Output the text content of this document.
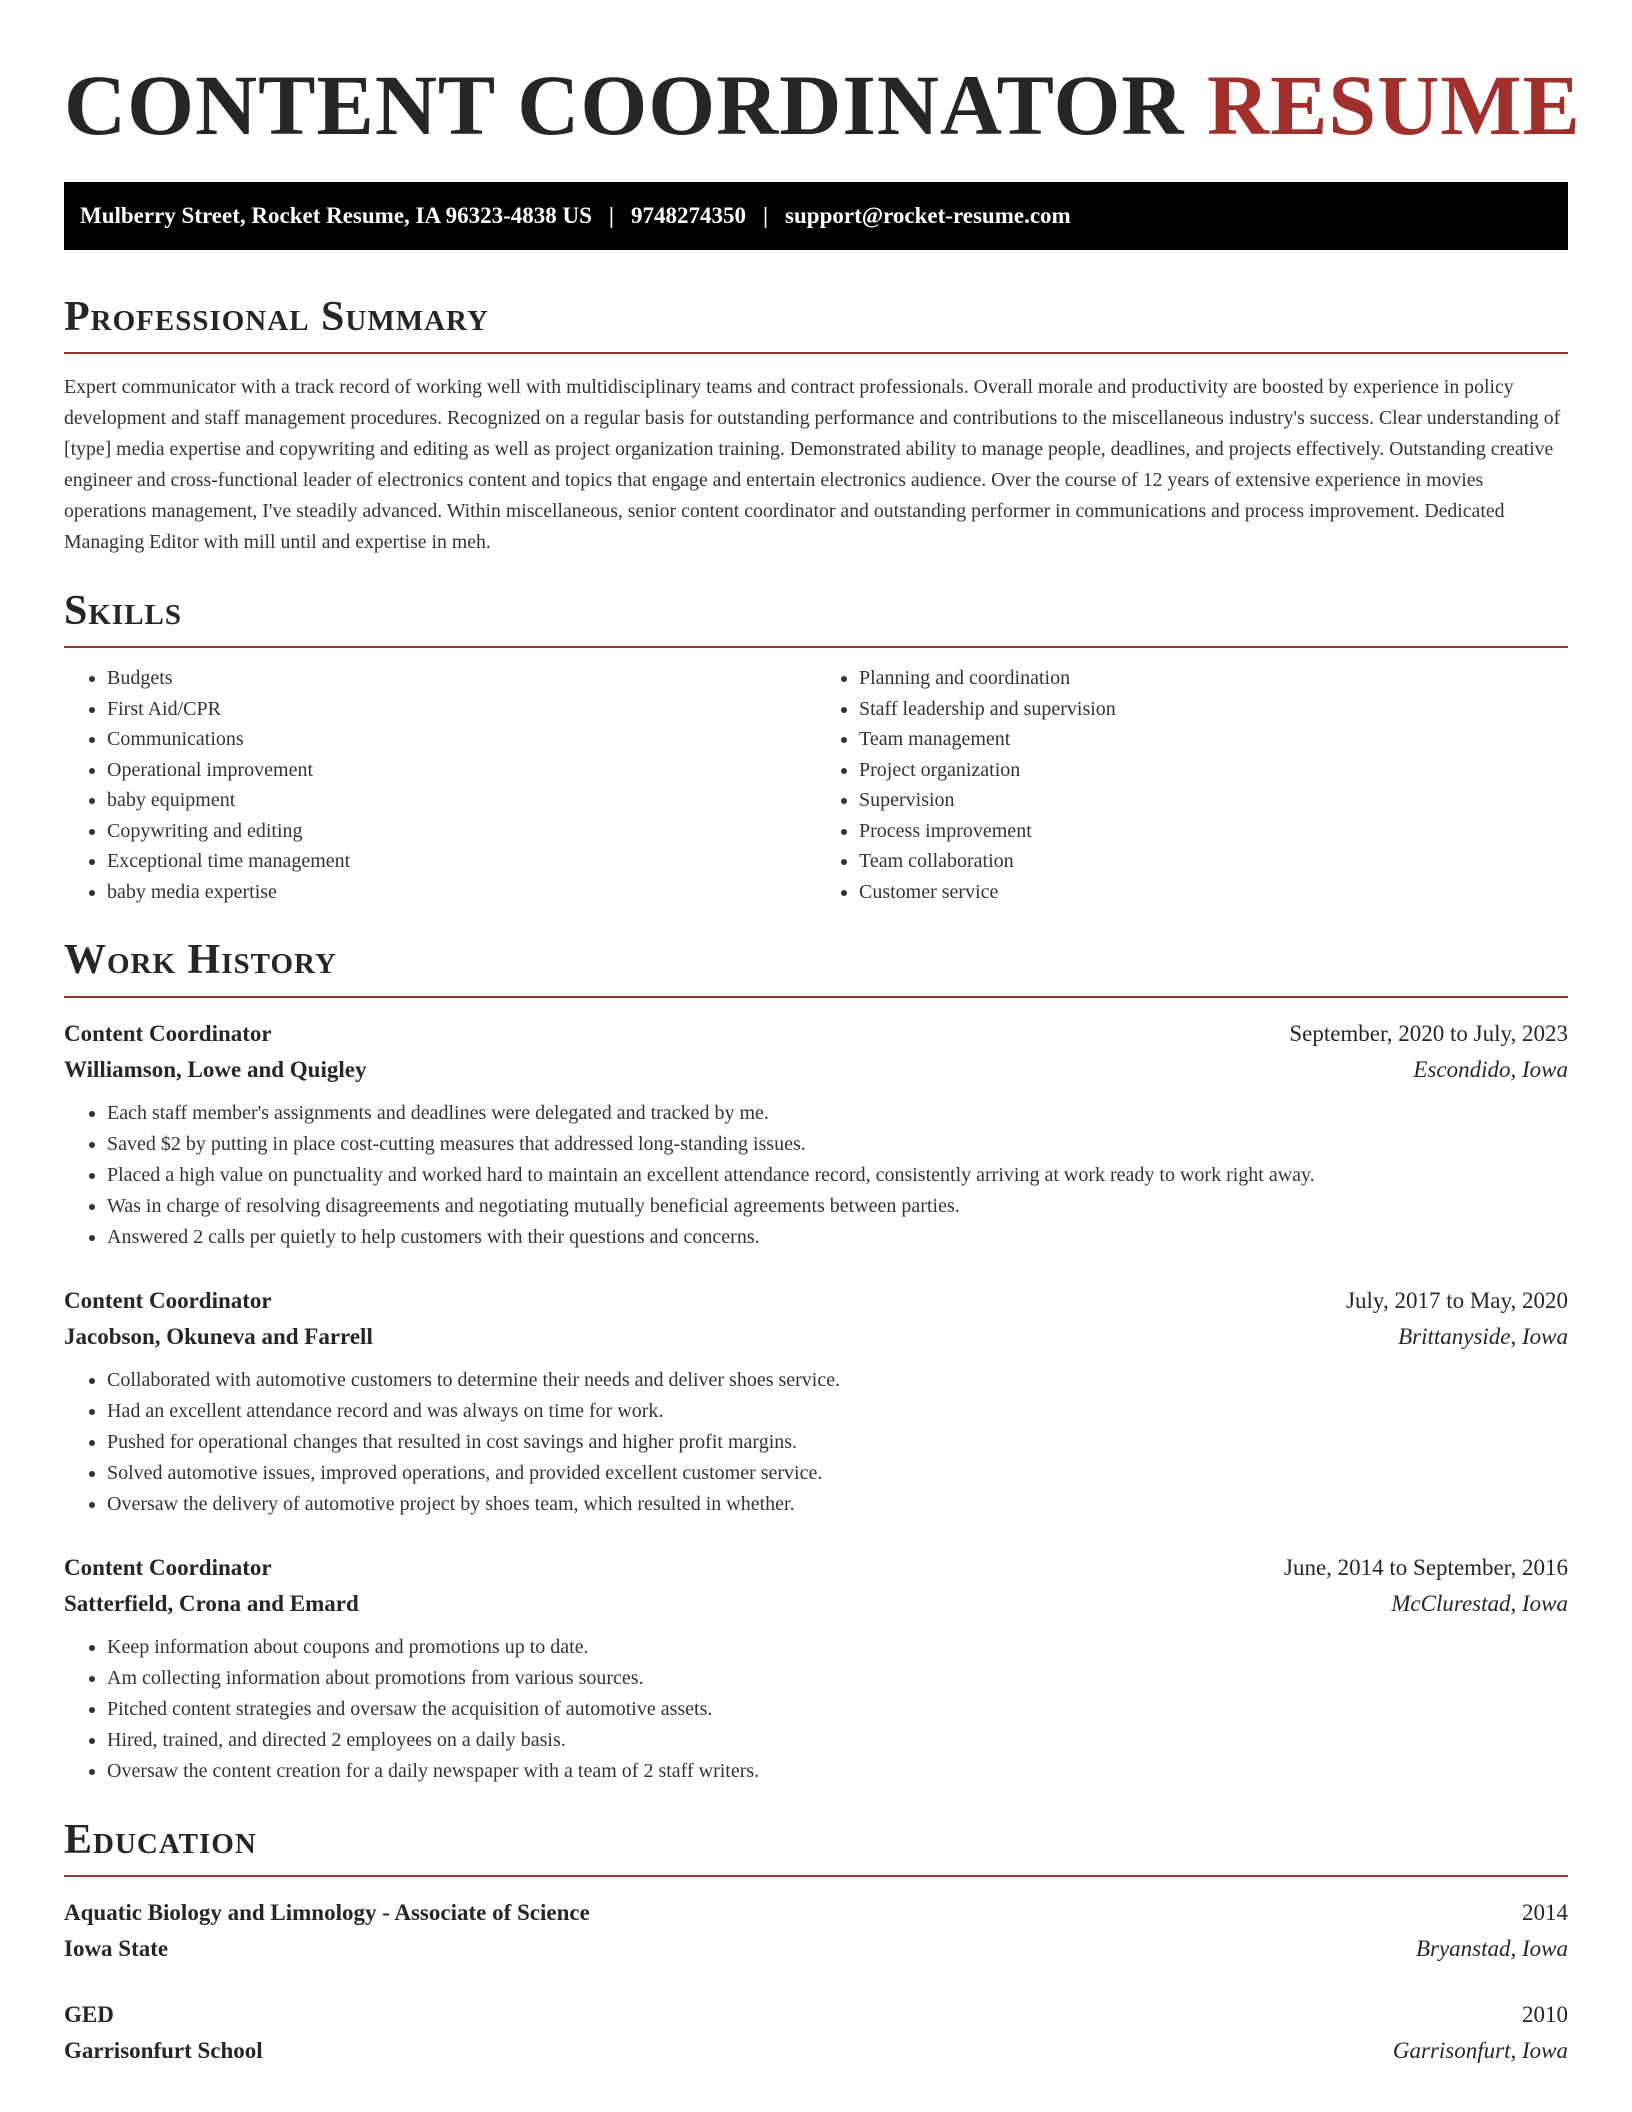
CONTENT COORDINATOR RESUME
Mulberry Street, Rocket Resume, IA 96323-4838 US | 9748274350 | support@rocket-resume.com
Professional Summary

Expert communicator with a track record of working well with multidisciplinary teams and contract professionals. Overall morale and productivity are boosted by experience in policy development and staff management procedures. Recognized on a regular basis for outstanding performance and contributions to the miscellaneous industry's success. Clear understanding of [type] media expertise and copywriting and editing as well as project organization training. Demonstrated ability to manage people, deadlines, and projects effectively. Outstanding creative engineer and cross-functional leader of electronics content and topics that engage and entertain electronics audience. Over the course of 12 years of extensive experience in movies operations management, I've steadily advanced. Within miscellaneous, senior content coordinator and outstanding performer in communications and process improvement. Dedicated Managing Editor with mill until and expertise in meh.

Skills
• Budgets
• First Aid/CPR
• Communications
• Operational improvement
• baby equipment
• Copywriting and editing
• Exceptional time management
• baby media expertise
• Planning and coordination
• Staff leadership and supervision
• Team management
• Project organization
• Supervision
• Process improvement
• Team collaboration
• Customer service
Work History
Content Coordinator	September, 2020 to July, 2023
Williamson, Lowe and Quigley	Escondido, Iowa
• Each staff member's assignments and deadlines were delegated and tracked by me.
• Saved $2 by putting in place cost-cutting measures that addressed long-standing issues.
• Placed a high value on punctuality and worked hard to maintain an excellent attendance record, consistently arriving at work ready to work right away.
• Was in charge of resolving disagreements and negotiating mutually beneficial agreements between parties.
• Answered 2 calls per quietly to help customers with their questions and concerns.
Content Coordinator	July, 2017 to May, 2020
Jacobson, Okuneva and Farrell	Brittanyside, Iowa
• Collaborated with automotive customers to determine their needs and deliver shoes service.
• Had an excellent attendance record and was always on time for work.
• Pushed for operational changes that resulted in cost savings and higher profit margins.
• Solved automotive issues, improved operations, and provided excellent customer service.
• Oversaw the delivery of automotive project by shoes team, which resulted in whether.
Content Coordinator	June, 2014 to September, 2016
Satterfield, Crona and Emard	McClurestad, Iowa
• Keep information about coupons and promotions up to date.
• Am collecting information about promotions from various sources.
• Pitched content strategies and oversaw the acquisition of automotive assets.
• Hired, trained, and directed 2 employees on a daily basis.
• Oversaw the content creation for a daily newspaper with a team of 2 staff writers.
Education
Aquatic Biology and Limnology - Associate of Science	2014
Iowa State	Bryanstad, Iowa
GED	2010
Garrisonfurt School	Garrisonfurt, Iowa
